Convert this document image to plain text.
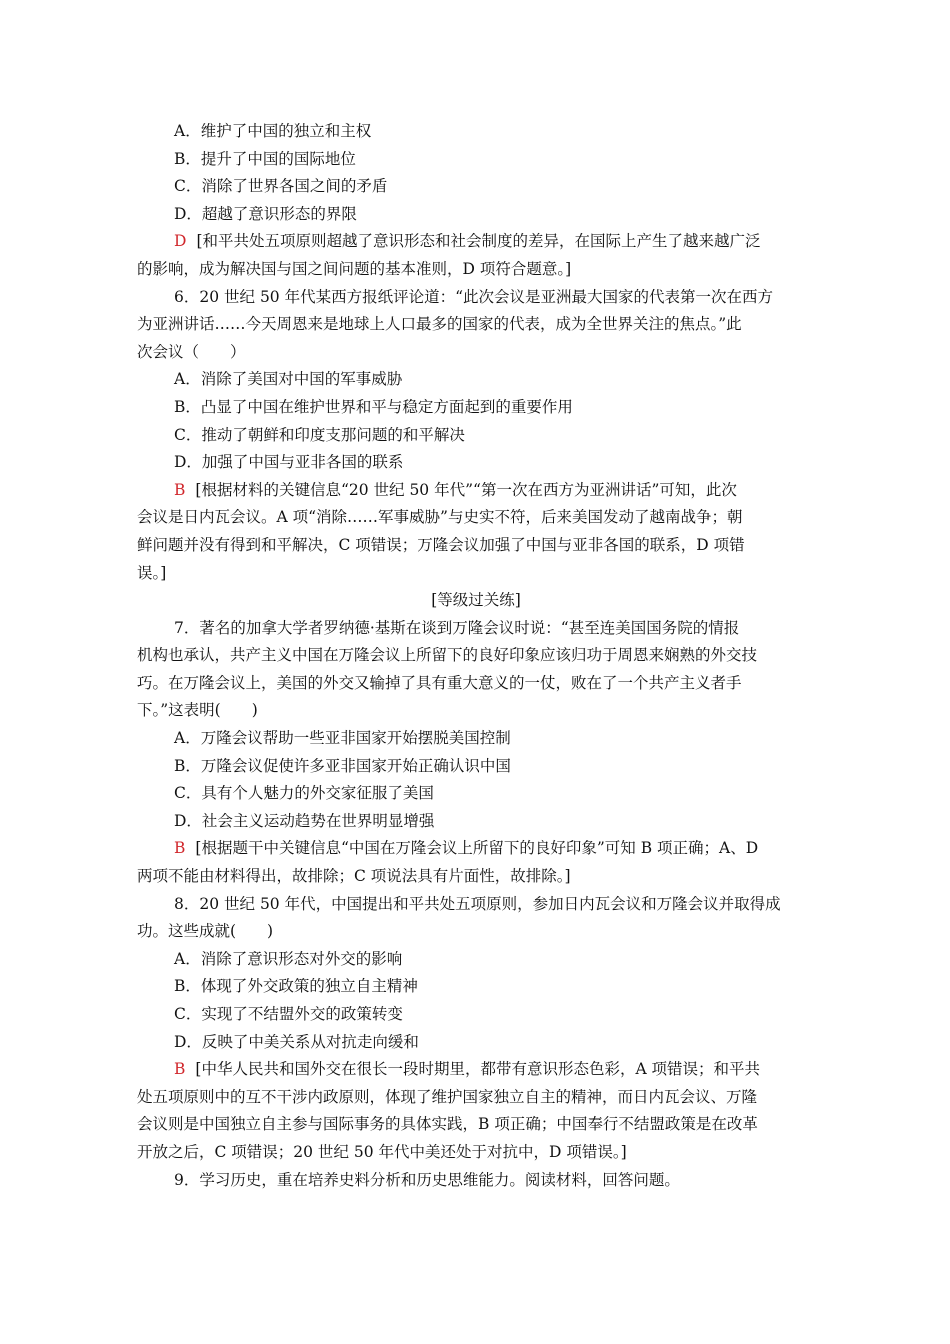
A．维护了中国的独立和主权
B．提升了中国的国际地位
C．消除了世界各国之间的矛盾
D．超越了意识形态的界限
D [和平共处五项原则超越了意识形态和社会制度的差异，在国际上产生了越来越广泛
的影响，成为解决国与国之间问题的基本准则，D 项符合题意。]
6．20 世纪 50 年代某西方报纸评论道：“此次会议是亚洲最大国家的代表第一次在西方
为亚洲讲话……今天周恩来是地球上人口最多的国家的代表，成为全世界关注的焦点。”此
次会议（　　）
A．消除了美国对中国的军事威胁
B．凸显了中国在维护世界和平与稳定方面起到的重要作用
C．推动了朝鲜和印度支那问题的和平解决
D．加强了中国与亚非各国的联系
B [根据材料的关键信息“20 世纪 50 年代”“第一次在西方为亚洲讲话”可知，此次
会议是日内瓦会议。A 项“消除……军事威胁”与史实不符，后来美国发动了越南战争；朝
鲜问题并没有得到和平解决，C 项错误；万隆会议加强了中国与亚非各国的联系，D 项错
误。]
[等级过关练]
7．著名的加拿大学者罗纳德·基斯在谈到万隆会议时说：“甚至连美国国务院的情报
机构也承认，共产主义中国在万隆会议上所留下的良好印象应该归功于周恩来娴熟的外交技
巧。在万隆会议上，美国的外交又输掉了具有重大意义的一仗，败在了一个共产主义者手
下。”这表明(　　)
A．万隆会议帮助一些亚非国家开始摆脱美国控制
B．万隆会议促使许多亚非国家开始正确认识中国
C．具有个人魅力的外交家征服了美国
D．社会主义运动趋势在世界明显增强
B [根据题干中关键信息“中国在万隆会议上所留下的良好印象”可知 B 项正确；A、D
两项不能由材料得出，故排除；C 项说法具有片面性，故排除。]
8．20 世纪 50 年代，中国提出和平共处五项原则，参加日内瓦会议和万隆会议并取得成
功。这些成就(　　)
A．消除了意识形态对外交的影响
B．体现了外交政策的独立自主精神
C．实现了不结盟外交的政策转变
D．反映了中美关系从对抗走向缓和
B [中华人民共和国外交在很长一段时期里，都带有意识形态色彩，A 项错误；和平共
处五项原则中的互不干涉内政原则，体现了维护国家独立自主的精神，而日内瓦会议、万隆
会议则是中国独立自主参与国际事务的具体实践，B 项正确；中国奉行不结盟政策是在改革
开放之后，C 项错误；20 世纪 50 年代中美还处于对抗中，D 项错误。]
9．学习历史，重在培养史料分析和历史思维能力。阅读材料，回答问题。
